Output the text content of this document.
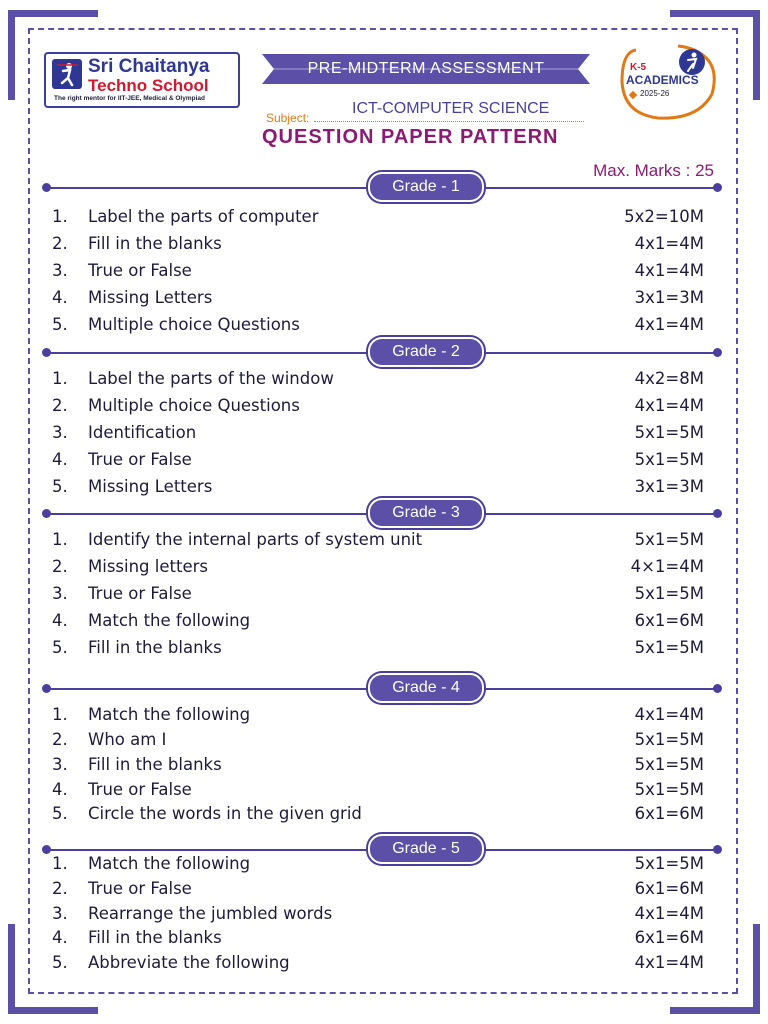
Sri Chaitanya
Techno School
The right mentor for IIT-JEE, Medical & Olympiad
PRE-MIDTERM ASSESSMENT
Subject:
ICT-COMPUTER SCIENCE
QUESTION PAPER PATTERN
K-5
ACADEMICS
2025-26
Max. Marks : 25
Grade - 1
1. Label the parts of computer	5x2=10M
2. Fill in the blanks	4x1=4M
3. True or False	4x1=4M
4. Missing Letters	3x1=3M
5. Multiple choice Questions	4x1=4M
Grade - 2
1. Label the parts of the window	4x2=8M
2. Multiple choice Questions	4x1=4M
3. Identification	5x1=5M
4. True or False	5x1=5M
5. Missing Letters	3x1=3M
Grade - 3
1. Identify the internal parts of system unit	5x1=5M
2. Missing letters	4×1=4M
3. True or False	5x1=5M
4. Match the following	6x1=6M
5. Fill in the blanks	5x1=5M
Grade - 4
1. Match the following	4x1=4M
2. Who am I	5x1=5M
3. Fill in the blanks	5x1=5M
4. True or False	5x1=5M
5. Circle the words in the given grid	6x1=6M
Grade - 5
1. Match the following	5x1=5M
2. True or False	6x1=6M
3. Rearrange the jumbled words	4x1=4M
4. Fill in the blanks	6x1=6M
5. Abbreviate the following	4x1=4M
